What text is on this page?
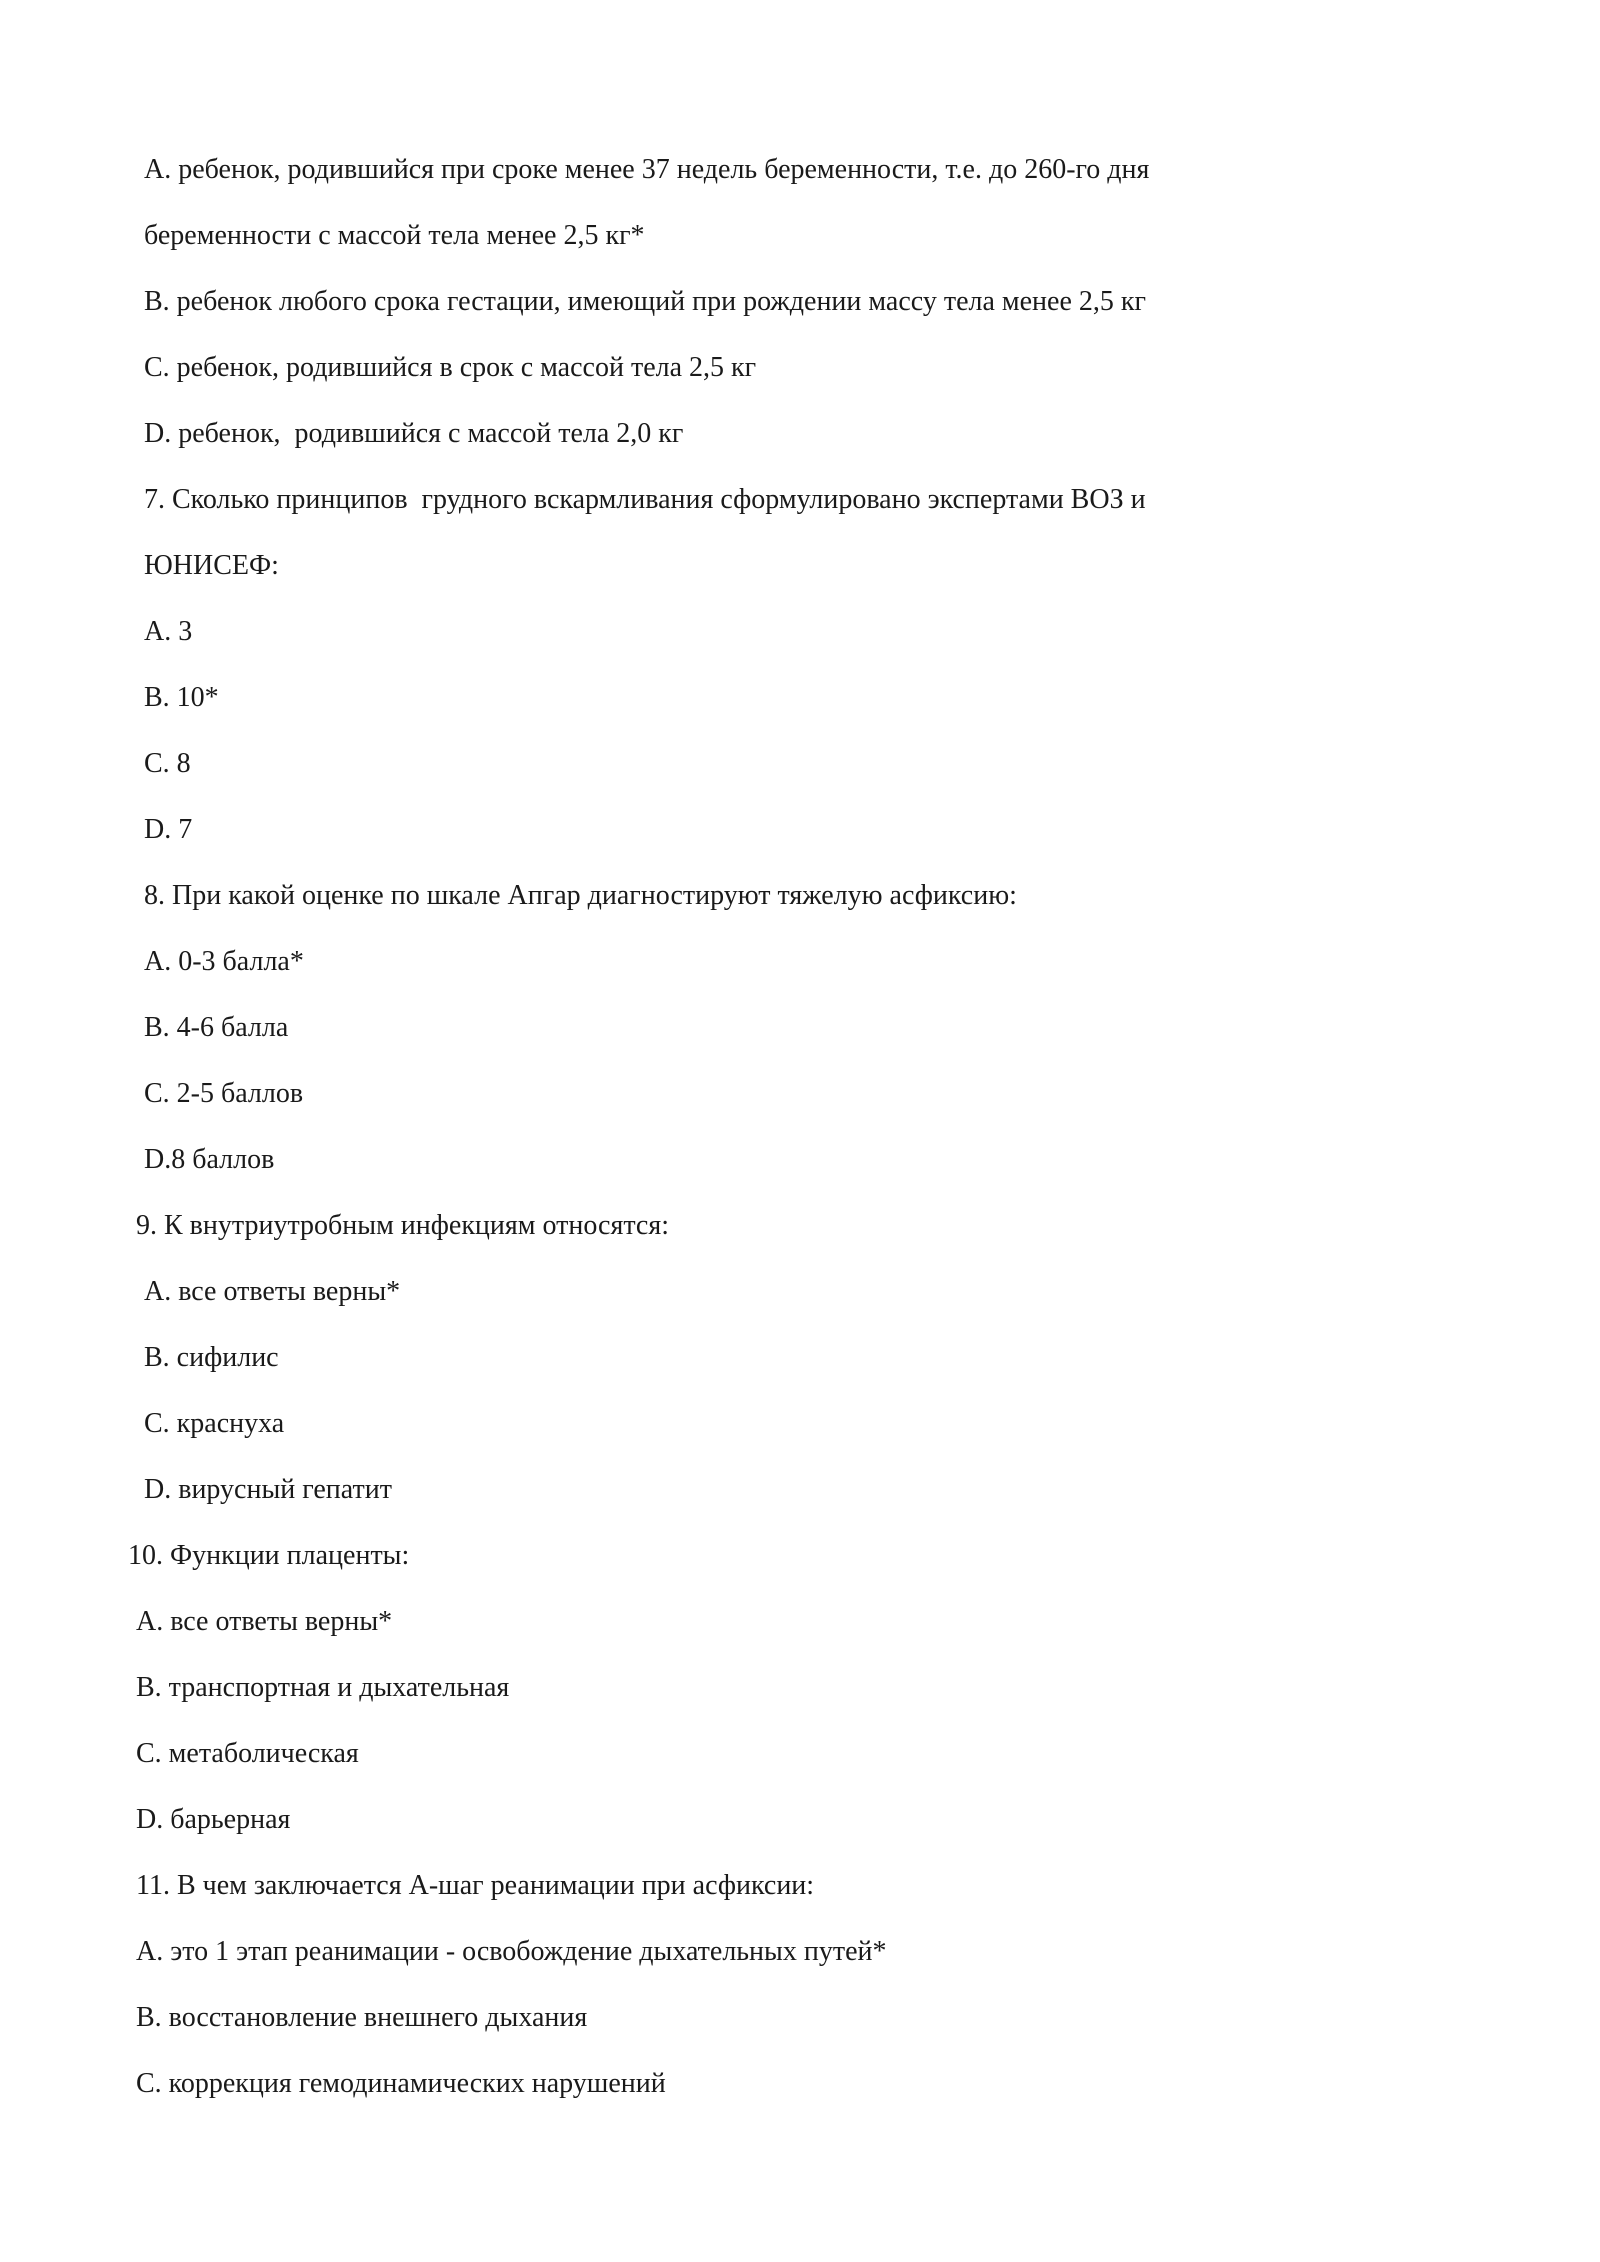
A. ребенок, родившийся при сроке менее 37 недель беременности, т.е. до 260-го дня
беременности с массой тела менее 2,5 кг*
B. ребенок любого срока гестации, имеющий при рождении массу тела менее 2,5 кг
C. ребенок, родившийся в срок с массой тела 2,5 кг
D. ребенок,  родившийся с массой тела 2,0 кг
7. Сколько принципов  грудного вскармливания сформулировано экспертами ВОЗ и
ЮНИСЕФ:
A. 3
B. 10*
C. 8
D. 7
8. При какой оценке по шкале Апгар диагностируют тяжелую асфиксию:
A. 0-3 балла*
B. 4-6 балла
C. 2-5 баллов
D.8 баллов
9. К внутриутробным инфекциям относятся:
A. все ответы верны*
B. сифилис
C. краснуха
D. вирусный гепатит
10. Функции плаценты:
A. все ответы верны*
B. транспортная и дыхательная
C. метаболическая
D. барьерная
11. В чем заключается А-шаг реанимации при асфиксии:
A. это 1 этап реанимации - освобождение дыхательных путей*
B. восстановление внешнего дыхания
C. коррекция гемодинамических нарушений
